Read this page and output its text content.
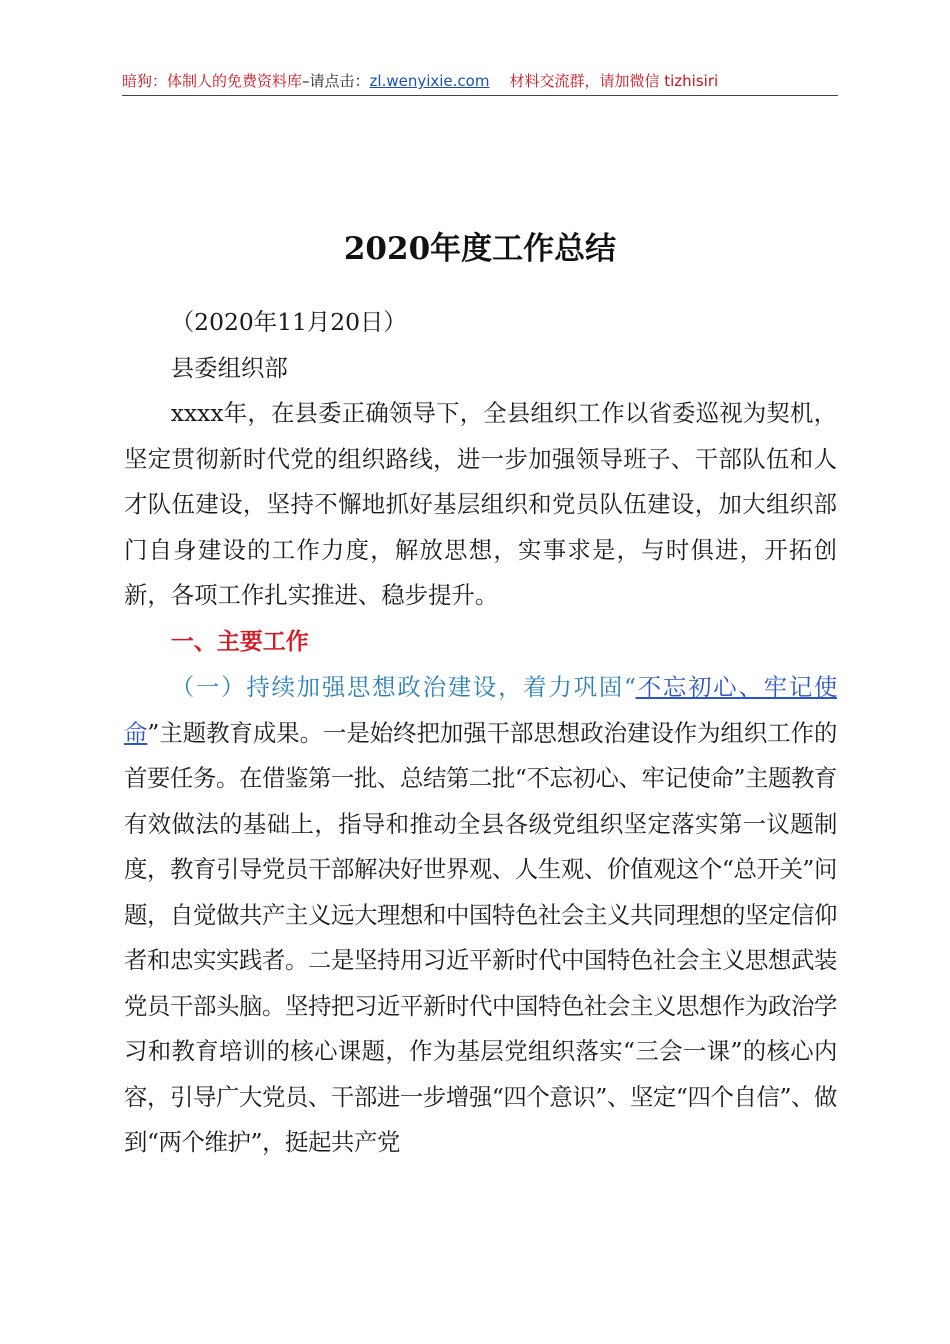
暗狗：体制人的免费资料库–请点击：zl.wenyixie.com 材料交流群，请加微信 tizhisiri
2020年度工作总结

（2020年11月20日）

县委组织部

xxxx年，在县委正确领导下，全县组织工作以省委巡视为契机，坚定贯彻新时代党的组织路线，进一步加强领导班子、干部队伍和人才队伍建设，坚持不懈地抓好基层组织和党员队伍建设，加大组织部门自身建设的工作力度，解放思想，实事求是，与时俱进，开拓创新，各项工作扎实推进、稳步提升。

一、主要工作

（一）持续加强思想政治建设，着力巩固“不忘初心、牢记使命”主题教育成果。一是始终把加强干部思想政治建设作为组织工作的首要任务。在借鉴第一批、总结第二批“不忘初心、牢记使命”主题教育有效做法的基础上，指导和推动全县各级党组织坚定落实第一议题制度，教育引导党员干部解决好世界观、人生观、价值观这个“总开关”问题，自觉做共产主义远大理想和中国特色社会主义共同理想的坚定信仰者和忠实实践者。二是坚持用习近平新时代中国特色社会主义思想武装党员干部头脑。坚持把习近平新时代中国特色社会主义思想作为政治学习和教育培训的核心课题，作为基层党组织落实“三会一课”的核心内容，引导广大党员、干部进一步增强“四个意识”、坚定“四个自信”、做到“两个维护”，挺起共产党
